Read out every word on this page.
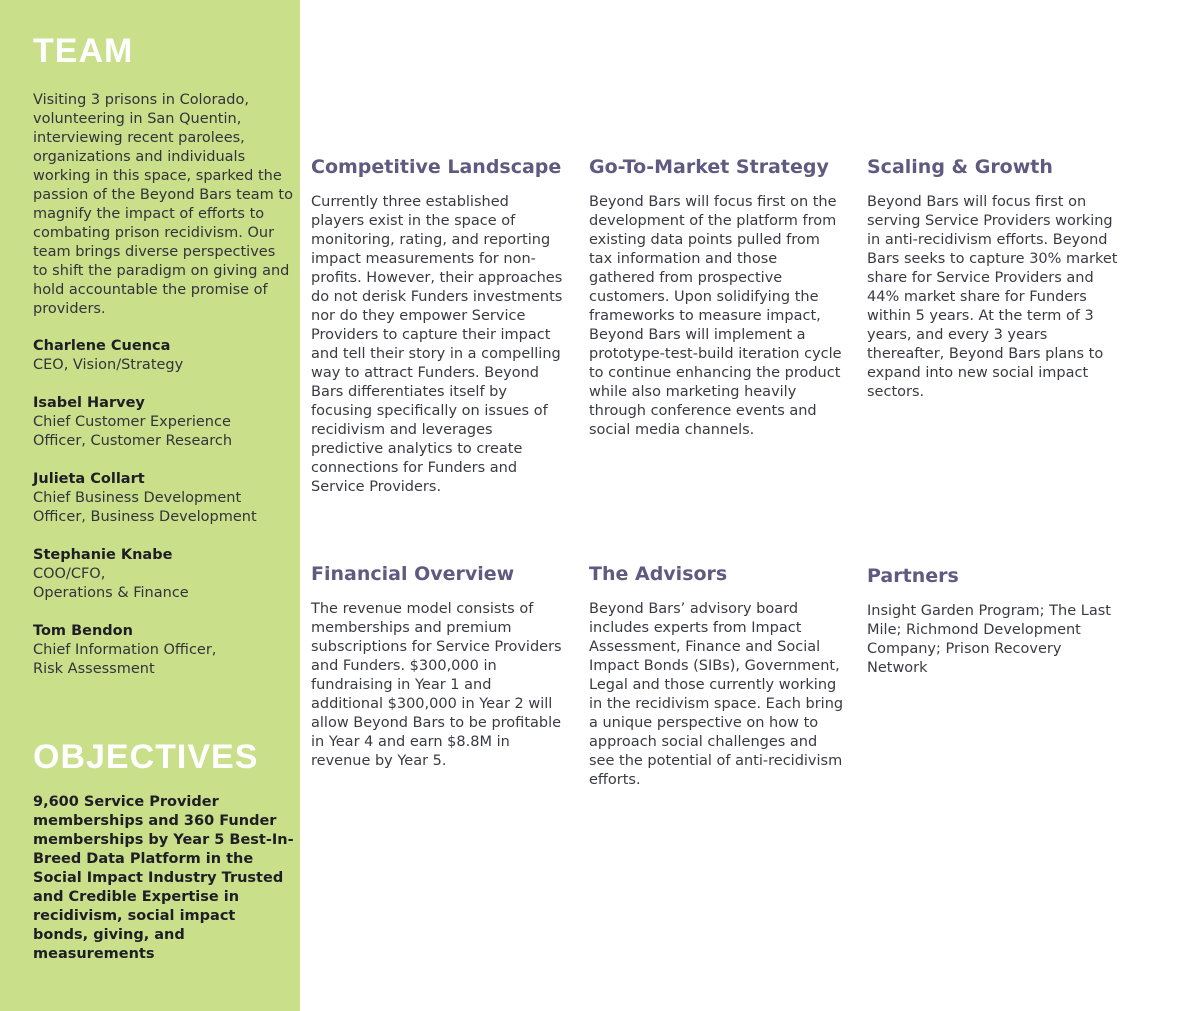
TEAM

Visiting 3 prisons in Colorado, volunteering in San Quentin, interviewing recent parolees, organizations and individuals working in this space, sparked the passion of the Beyond Bars team to magnify the impact of efforts to combating prison recidivism. Our team brings diverse perspectives to shift the paradigm on giving and hold accountable the promise of providers.

Charlene Cuenca
CEO, Vision/Strategy
Isabel Harvey
Chief Customer Experience
Officer, Customer Research
Julieta Collart
Chief Business Development
Officer, Business Development
Stephanie Knabe
COO/CFO,
Operations & Finance
Tom Bendon
Chief Information Officer,
Risk Assessment
OBJECTIVES

9,600 Service Provider memberships and 360 Funder memberships by Year 5 Best-In-Breed Data Platform in the Social Impact Industry Trusted and Credible Expertise in recidivism, social impact bonds, giving, and measurements

Competitive Landscape

Currently three established players exist in the space of monitoring, rating, and reporting impact measurements for non-profits. However, their approaches do not derisk Funders investments nor do they empower Service Providers to capture their impact and tell their story in a compelling way to attract Funders. Beyond Bars differentiates itself by focusing specifically on issues of recidivism and leverages predictive analytics to create connections for Funders and Service Providers.

Go-To-Market Strategy

Beyond Bars will focus first on the development of the platform from existing data points pulled from tax information and those gathered from prospective customers. Upon solidifying the frameworks to measure impact, Beyond Bars will implement a prototype-test-build iteration cycle to continue enhancing the product while also marketing heavily through conference events and social media channels.

Scaling & Growth

Beyond Bars will focus first on serving Service Providers working in anti-recidivism efforts. Beyond Bars seeks to capture 30% market share for Service Providers and 44% market share for Funders within 5 years. At the term of 3 years, and every 3 years thereafter, Beyond Bars plans to expand into new social impact sectors.

Financial Overview

The revenue model consists of memberships and premium subscriptions for Service Providers and Funders. $300,000 in fundraising in Year 1 and additional $300,000 in Year 2 will allow Beyond Bars to be profitable in Year 4 and earn $8.8M in revenue by Year 5.

The Advisors

Beyond Bars’ advisory board includes experts from Impact Assessment, Finance and Social Impact Bonds (SIBs), Government, Legal and those currently working in the recidivism space. Each bring a unique perspective on how to approach social challenges and see the potential of anti-recidivism efforts.

Partners

Insight Garden Program; The Last Mile; Richmond Development Company; Prison Recovery Network
